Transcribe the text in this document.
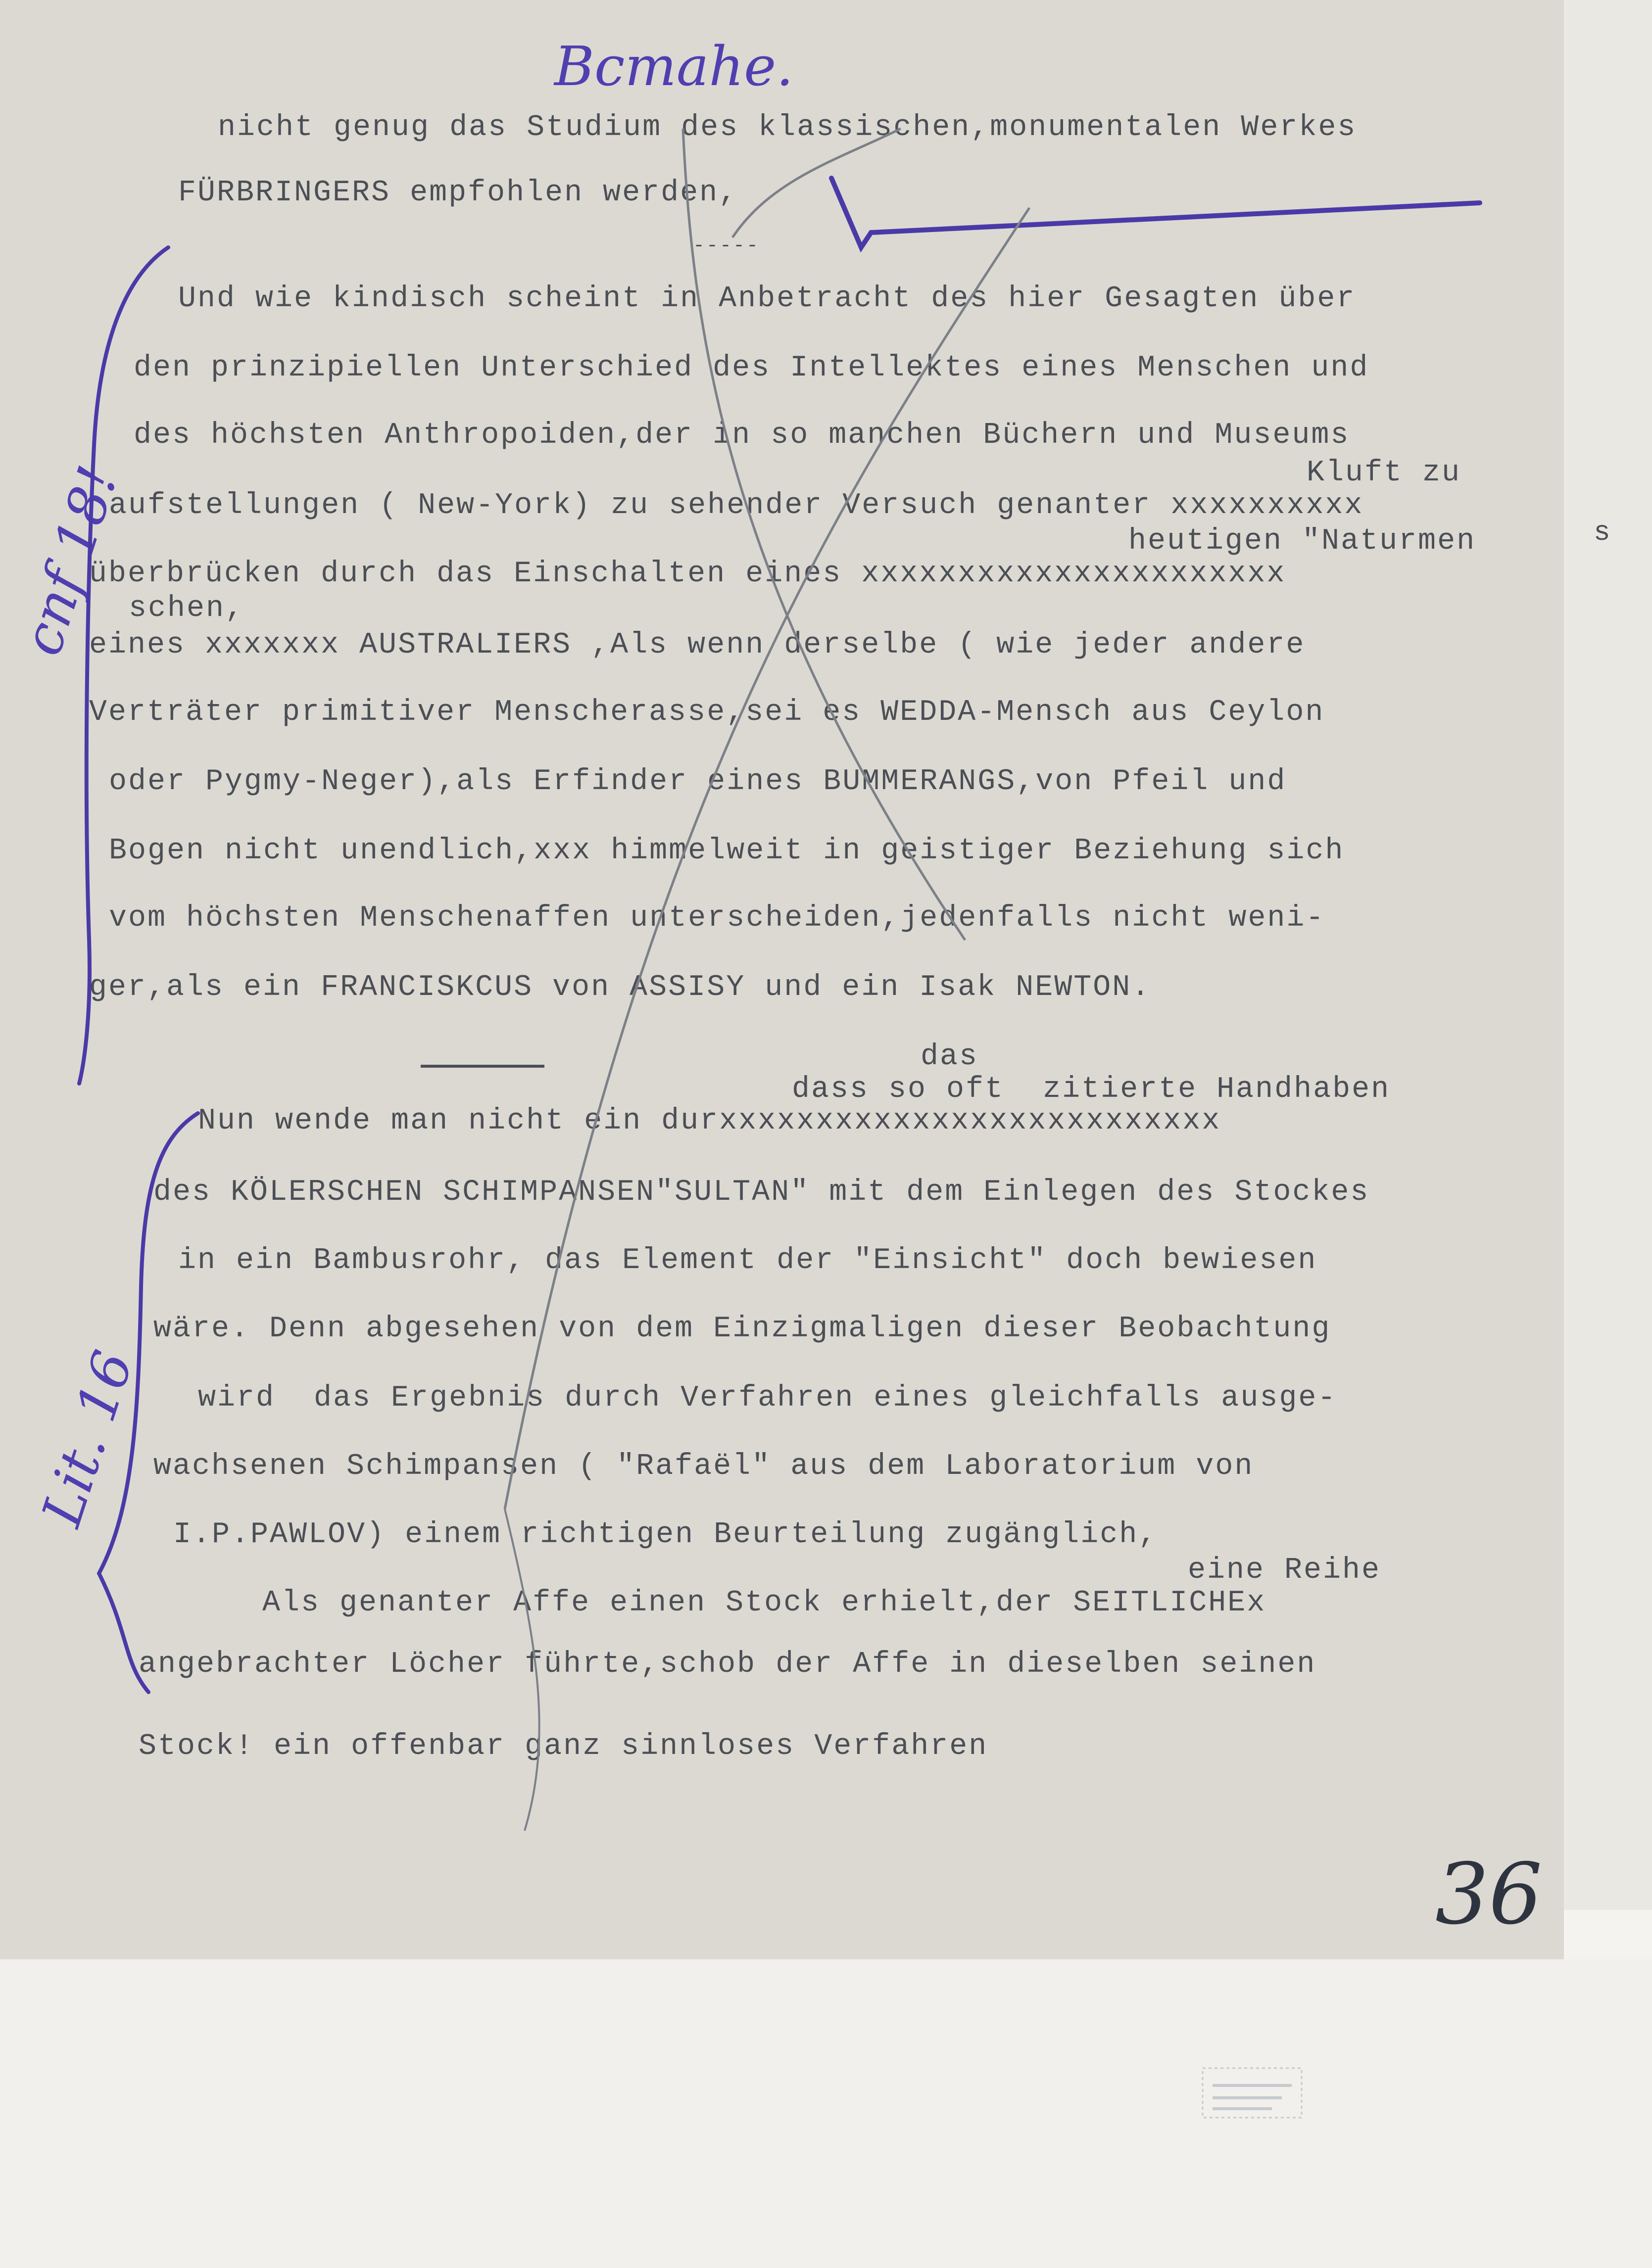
nicht genug das Studium des klassischen,monumentalen Werkes
FÜRBRINGERS empfohlen werden,
-----
Und wie kindisch scheint in Anbetracht des hier Gesagten über
den prinzipiellen Unterschied des Intellektes eines Menschen und
des höchsten Anthropoiden,der in so manchen Büchern und Museums
Kluft zu
aufstellungen ( New-York) zu sehender Versuch genanter xxxxxxxxxx
heutigen "Naturmen
überbrücken durch das Einschalten eines xxxxxxxxxxxxxxxxxxxxxx
schen,
eines xxxxxxx AUSTRALIERS ,Als wenn derselbe ( wie jeder andere
Verträter primitiver Menscherasse,sei es WEDDA-Mensch aus Ceylon
oder Pygmy-Neger),als Erfinder eines BUMMERANGS,von Pfeil und
Bogen nicht unendlich,xxx himmelweit in geistiger Beziehung sich
vom höchsten Menschenaffen unterscheiden,jedenfalls nicht weni-
ger,als ein FRANCISKCUS von ASSISY und ein Isak NEWTON.
das
dass so oft  zitierte Handhaben
Nun wende man nicht ein durxxxxxxxxxxxxxxxxxxxxxxxxxx
des KÖLERSCHEN SCHIMPANSEN"SULTAN" mit dem Einlegen des Stockes
in ein Bambusrohr, das Element der "Einsicht" doch bewiesen
wäre. Denn abgesehen von dem Einzigmaligen dieser Beobachtung
wird  das Ergebnis durch Verfahren eines gleichfalls ausge-
wachsenen Schimpansen ( "Rafaël" aus dem Laboratorium von
I.P.PAWLOV) einem richtigen Beurteilung zugänglich,
eine Reihe
Als genanter Affe einen Stock erhielt,der SEITLICHEx
angebrachter Löcher führte,schob der Affe in dieselben seinen
Stock! ein offenbar ganz sinnloses Verfahren
s
Bcmahe.
cnf 18!
Lit. 16
36
